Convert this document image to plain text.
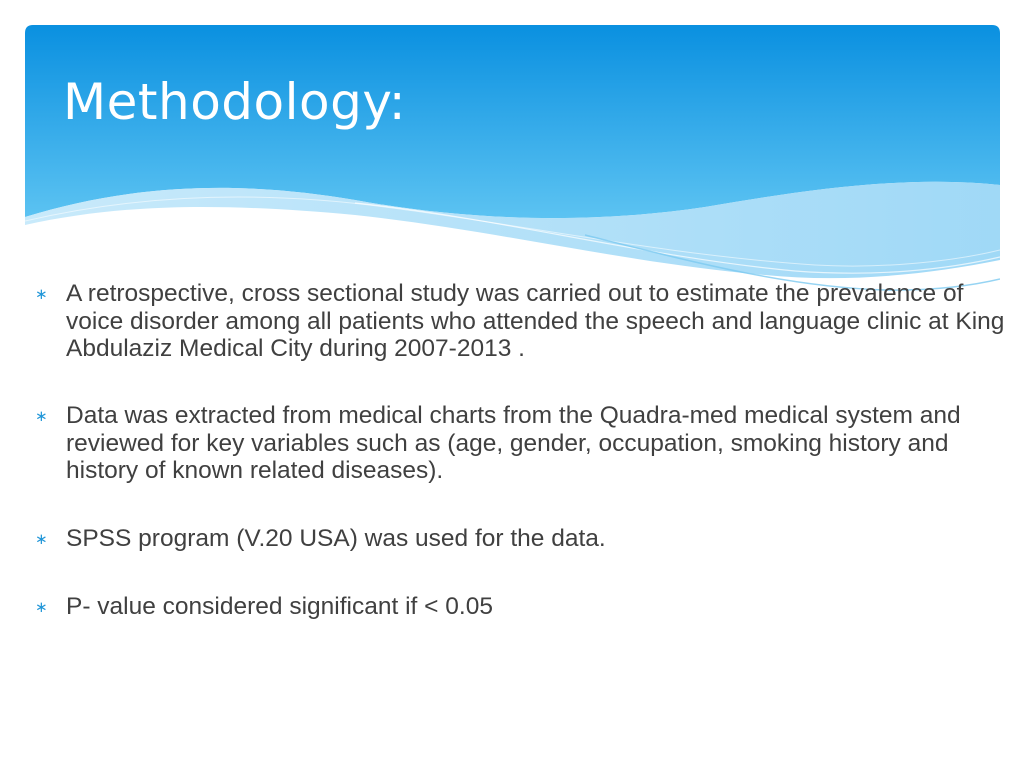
Methodology:
∗ A retrospective, cross sectional study was carried out to estimate the prevalence of voice disorder among all patients who attended the speech and language clinic at King Abdulaziz Medical City during 2007-2013 .

∗ Data was extracted from medical charts from the Quadra-med medical system and reviewed for key variables such as (age, gender, occupation, smoking history and history of known related diseases).

∗ SPSS program (V.20 USA) was used for the data.

∗ P- value considered significant if < 0.05
